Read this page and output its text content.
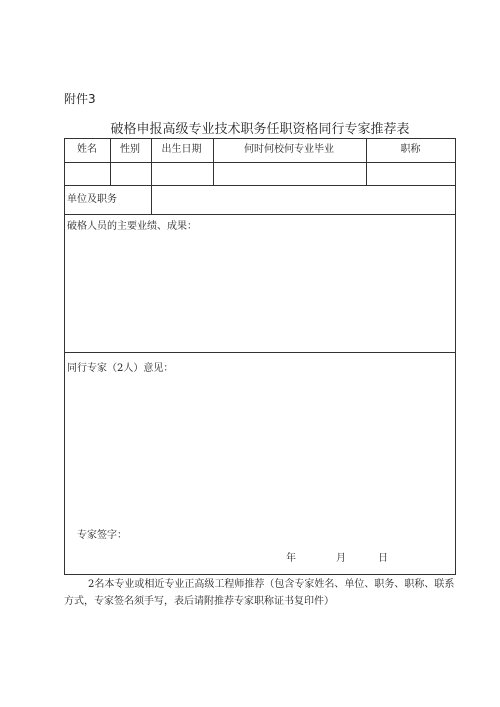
附件3
破格申报高级专业技术职务任职资格同行专家推荐表
姓名	性别	出生日期	何时何校何专业毕业	职称
单位及职务
破格人员的主要业绩、成果：
同行专家（2人）意见：
专家签字：
年	月	日
2名本专业或相近专业正高级工程师推荐（包含专家姓名、单位、职务、职称、联系方式，专家签名须手写，表后请附推荐专家职称证书复印件）
